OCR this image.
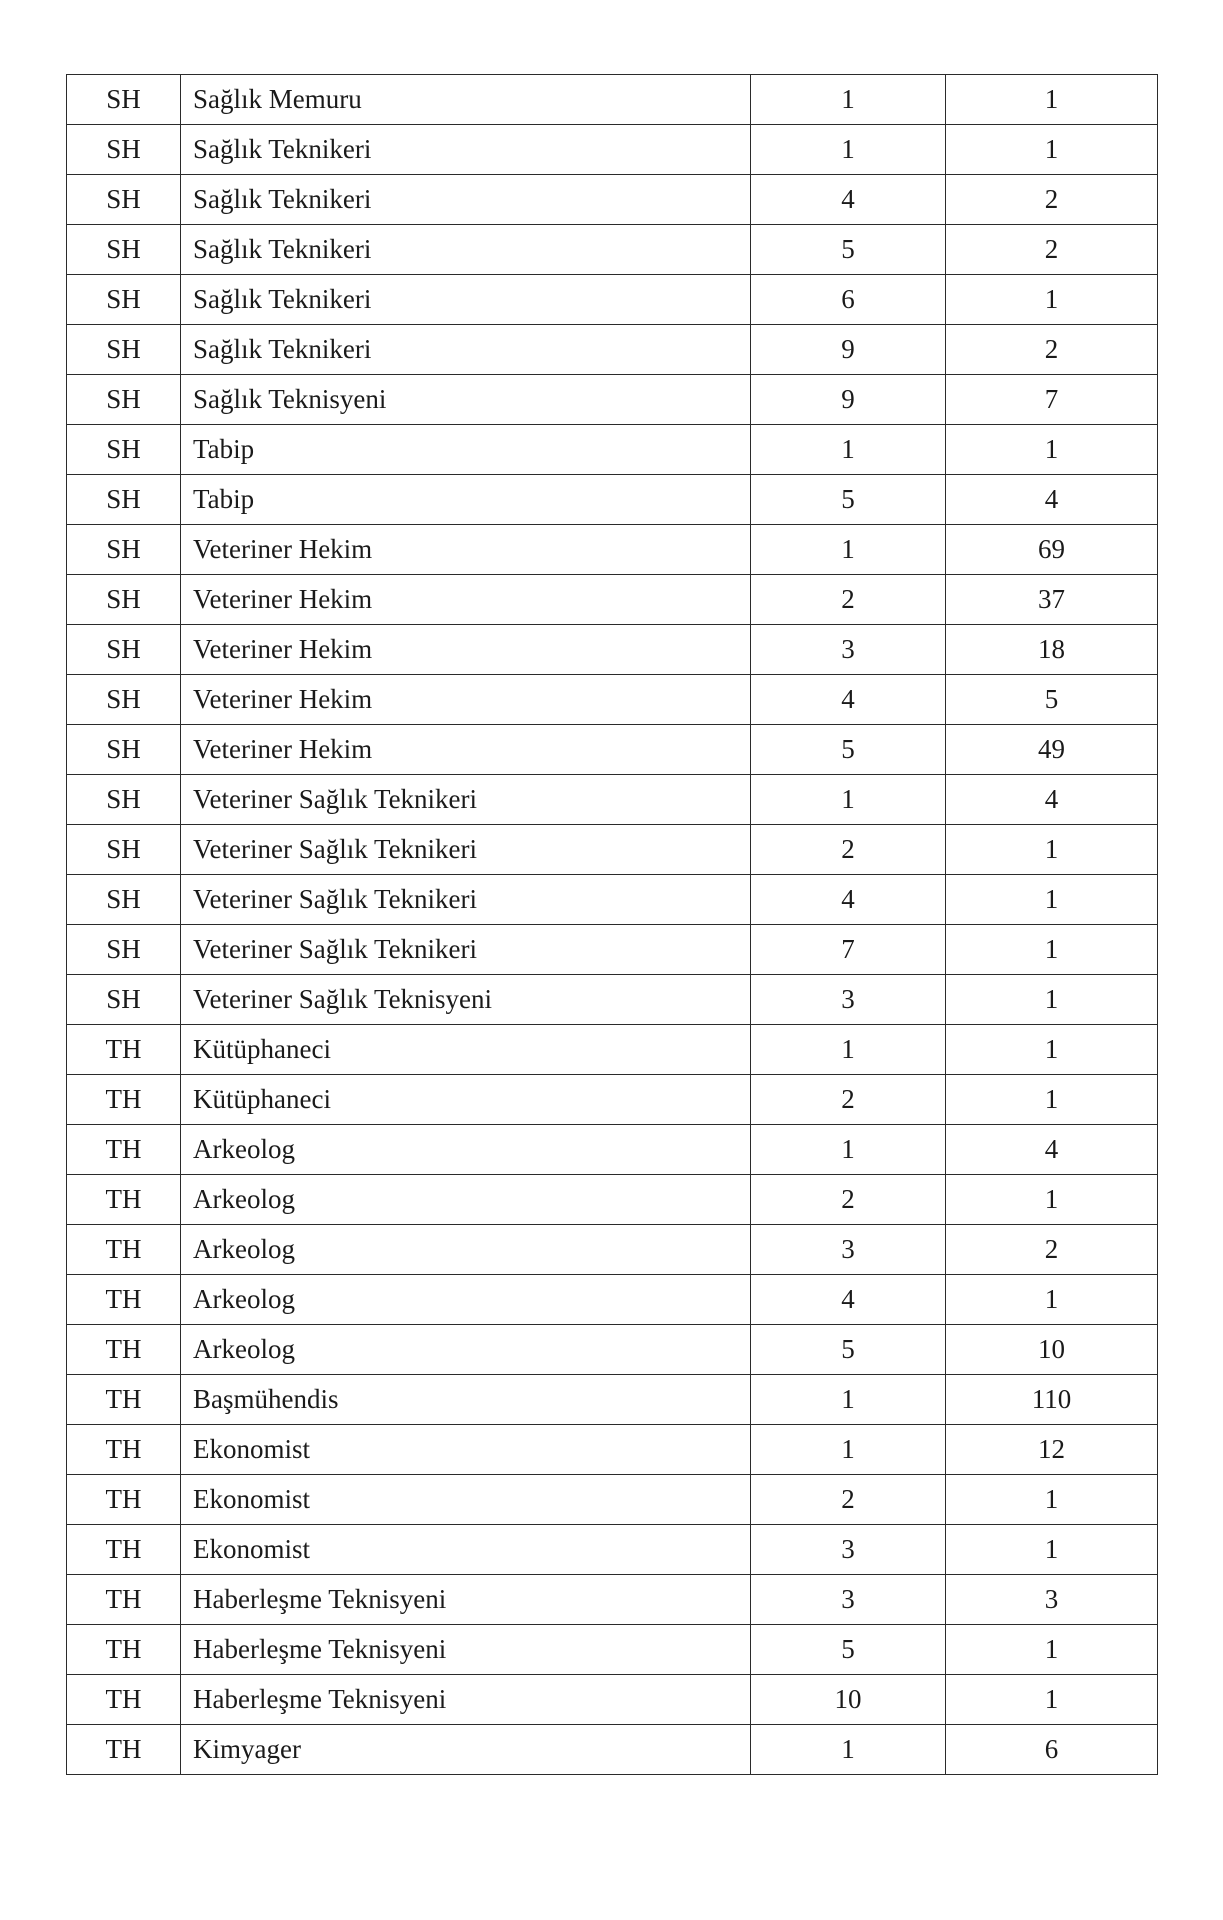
SH	Sağlık Memuru	1	1
SH	Sağlık Teknikeri	1	1
SH	Sağlık Teknikeri	4	2
SH	Sağlık Teknikeri	5	2
SH	Sağlık Teknikeri	6	1
SH	Sağlık Teknikeri	9	2
SH	Sağlık Teknisyeni	9	7
SH	Tabip	1	1
SH	Tabip	5	4
SH	Veteriner Hekim	1	69
SH	Veteriner Hekim	2	37
SH	Veteriner Hekim	3	18
SH	Veteriner Hekim	4	5
SH	Veteriner Hekim	5	49
SH	Veteriner Sağlık Teknikeri	1	4
SH	Veteriner Sağlık Teknikeri	2	1
SH	Veteriner Sağlık Teknikeri	4	1
SH	Veteriner Sağlık Teknikeri	7	1
SH	Veteriner Sağlık Teknisyeni	3	1
TH	Kütüphaneci	1	1
TH	Kütüphaneci	2	1
TH	Arkeolog	1	4
TH	Arkeolog	2	1
TH	Arkeolog	3	2
TH	Arkeolog	4	1
TH	Arkeolog	5	10
TH	Başmühendis	1	110
TH	Ekonomist	1	12
TH	Ekonomist	2	1
TH	Ekonomist	3	1
TH	Haberleşme Teknisyeni	3	3
TH	Haberleşme Teknisyeni	5	1
TH	Haberleşme Teknisyeni	10	1
TH	Kimyager	1	6
